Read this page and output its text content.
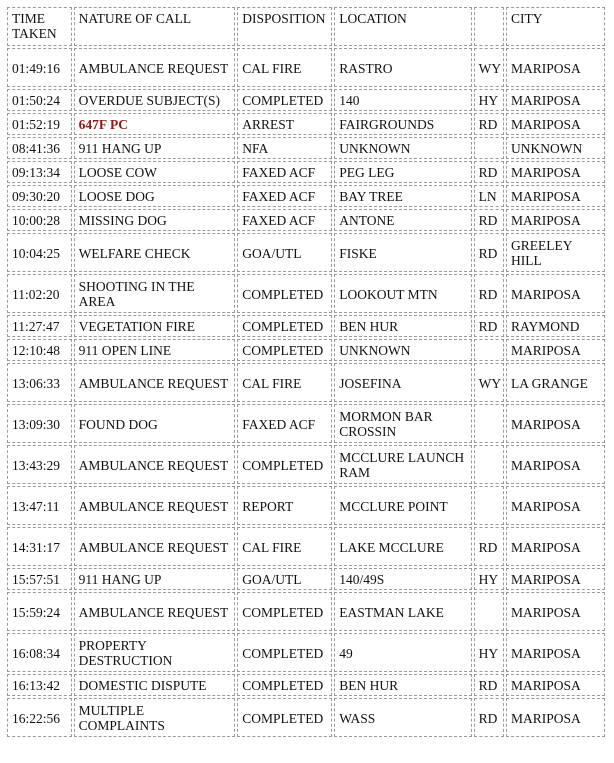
TIME TAKEN	NATURE OF CALL	DISPOSITION	LOCATION		CITY
01:49:16	AMBULANCE REQUEST	CAL FIRE	RASTRO	WY	MARIPOSA
01:50:24	OVERDUE SUBJECT(S)	COMPLETED	140	HY	MARIPOSA
01:52:19	647F PC	ARREST	FAIRGROUNDS	RD	MARIPOSA
08:41:36	911 HANG UP	NFA	UNKNOWN		UNKNOWN
09:13:34	LOOSE COW	FAXED ACF	PEG LEG	RD	MARIPOSA
09:30:20	LOOSE DOG	FAXED ACF	BAY TREE	LN	MARIPOSA
10:00:28	MISSING DOG	FAXED ACF	ANTONE	RD	MARIPOSA
10:04:25	WELFARE CHECK	GOA/UTL	FISKE	RD	GREELEY HILL
11:02:20	SHOOTING IN THE AREA	COMPLETED	LOOKOUT MTN	RD	MARIPOSA
11:27:47	VEGETATION FIRE	COMPLETED	BEN HUR	RD	RAYMOND
12:10:48	911 OPEN LINE	COMPLETED	UNKNOWN		MARIPOSA
13:06:33	AMBULANCE REQUEST	CAL FIRE	JOSEFINA	WY	LA GRANGE
13:09:30	FOUND DOG	FAXED ACF	MORMON BAR CROSSIN		MARIPOSA
13:43:29	AMBULANCE REQUEST	COMPLETED	MCCLURE LAUNCH RAM		MARIPOSA
13:47:11	AMBULANCE REQUEST	REPORT	MCCLURE POINT		MARIPOSA
14:31:17	AMBULANCE REQUEST	CAL FIRE	LAKE MCCLURE	RD	MARIPOSA
15:57:51	911 HANG UP	GOA/UTL	140/49S	HY	MARIPOSA
15:59:24	AMBULANCE REQUEST	COMPLETED	EASTMAN LAKE		MARIPOSA
16:08:34	PROPERTY DESTRUCTION	COMPLETED	49	HY	MARIPOSA
16:13:42	DOMESTIC DISPUTE	COMPLETED	BEN HUR	RD	MARIPOSA
16:22:56	MULTIPLE COMPLAINTS	COMPLETED	WASS	RD	MARIPOSA
